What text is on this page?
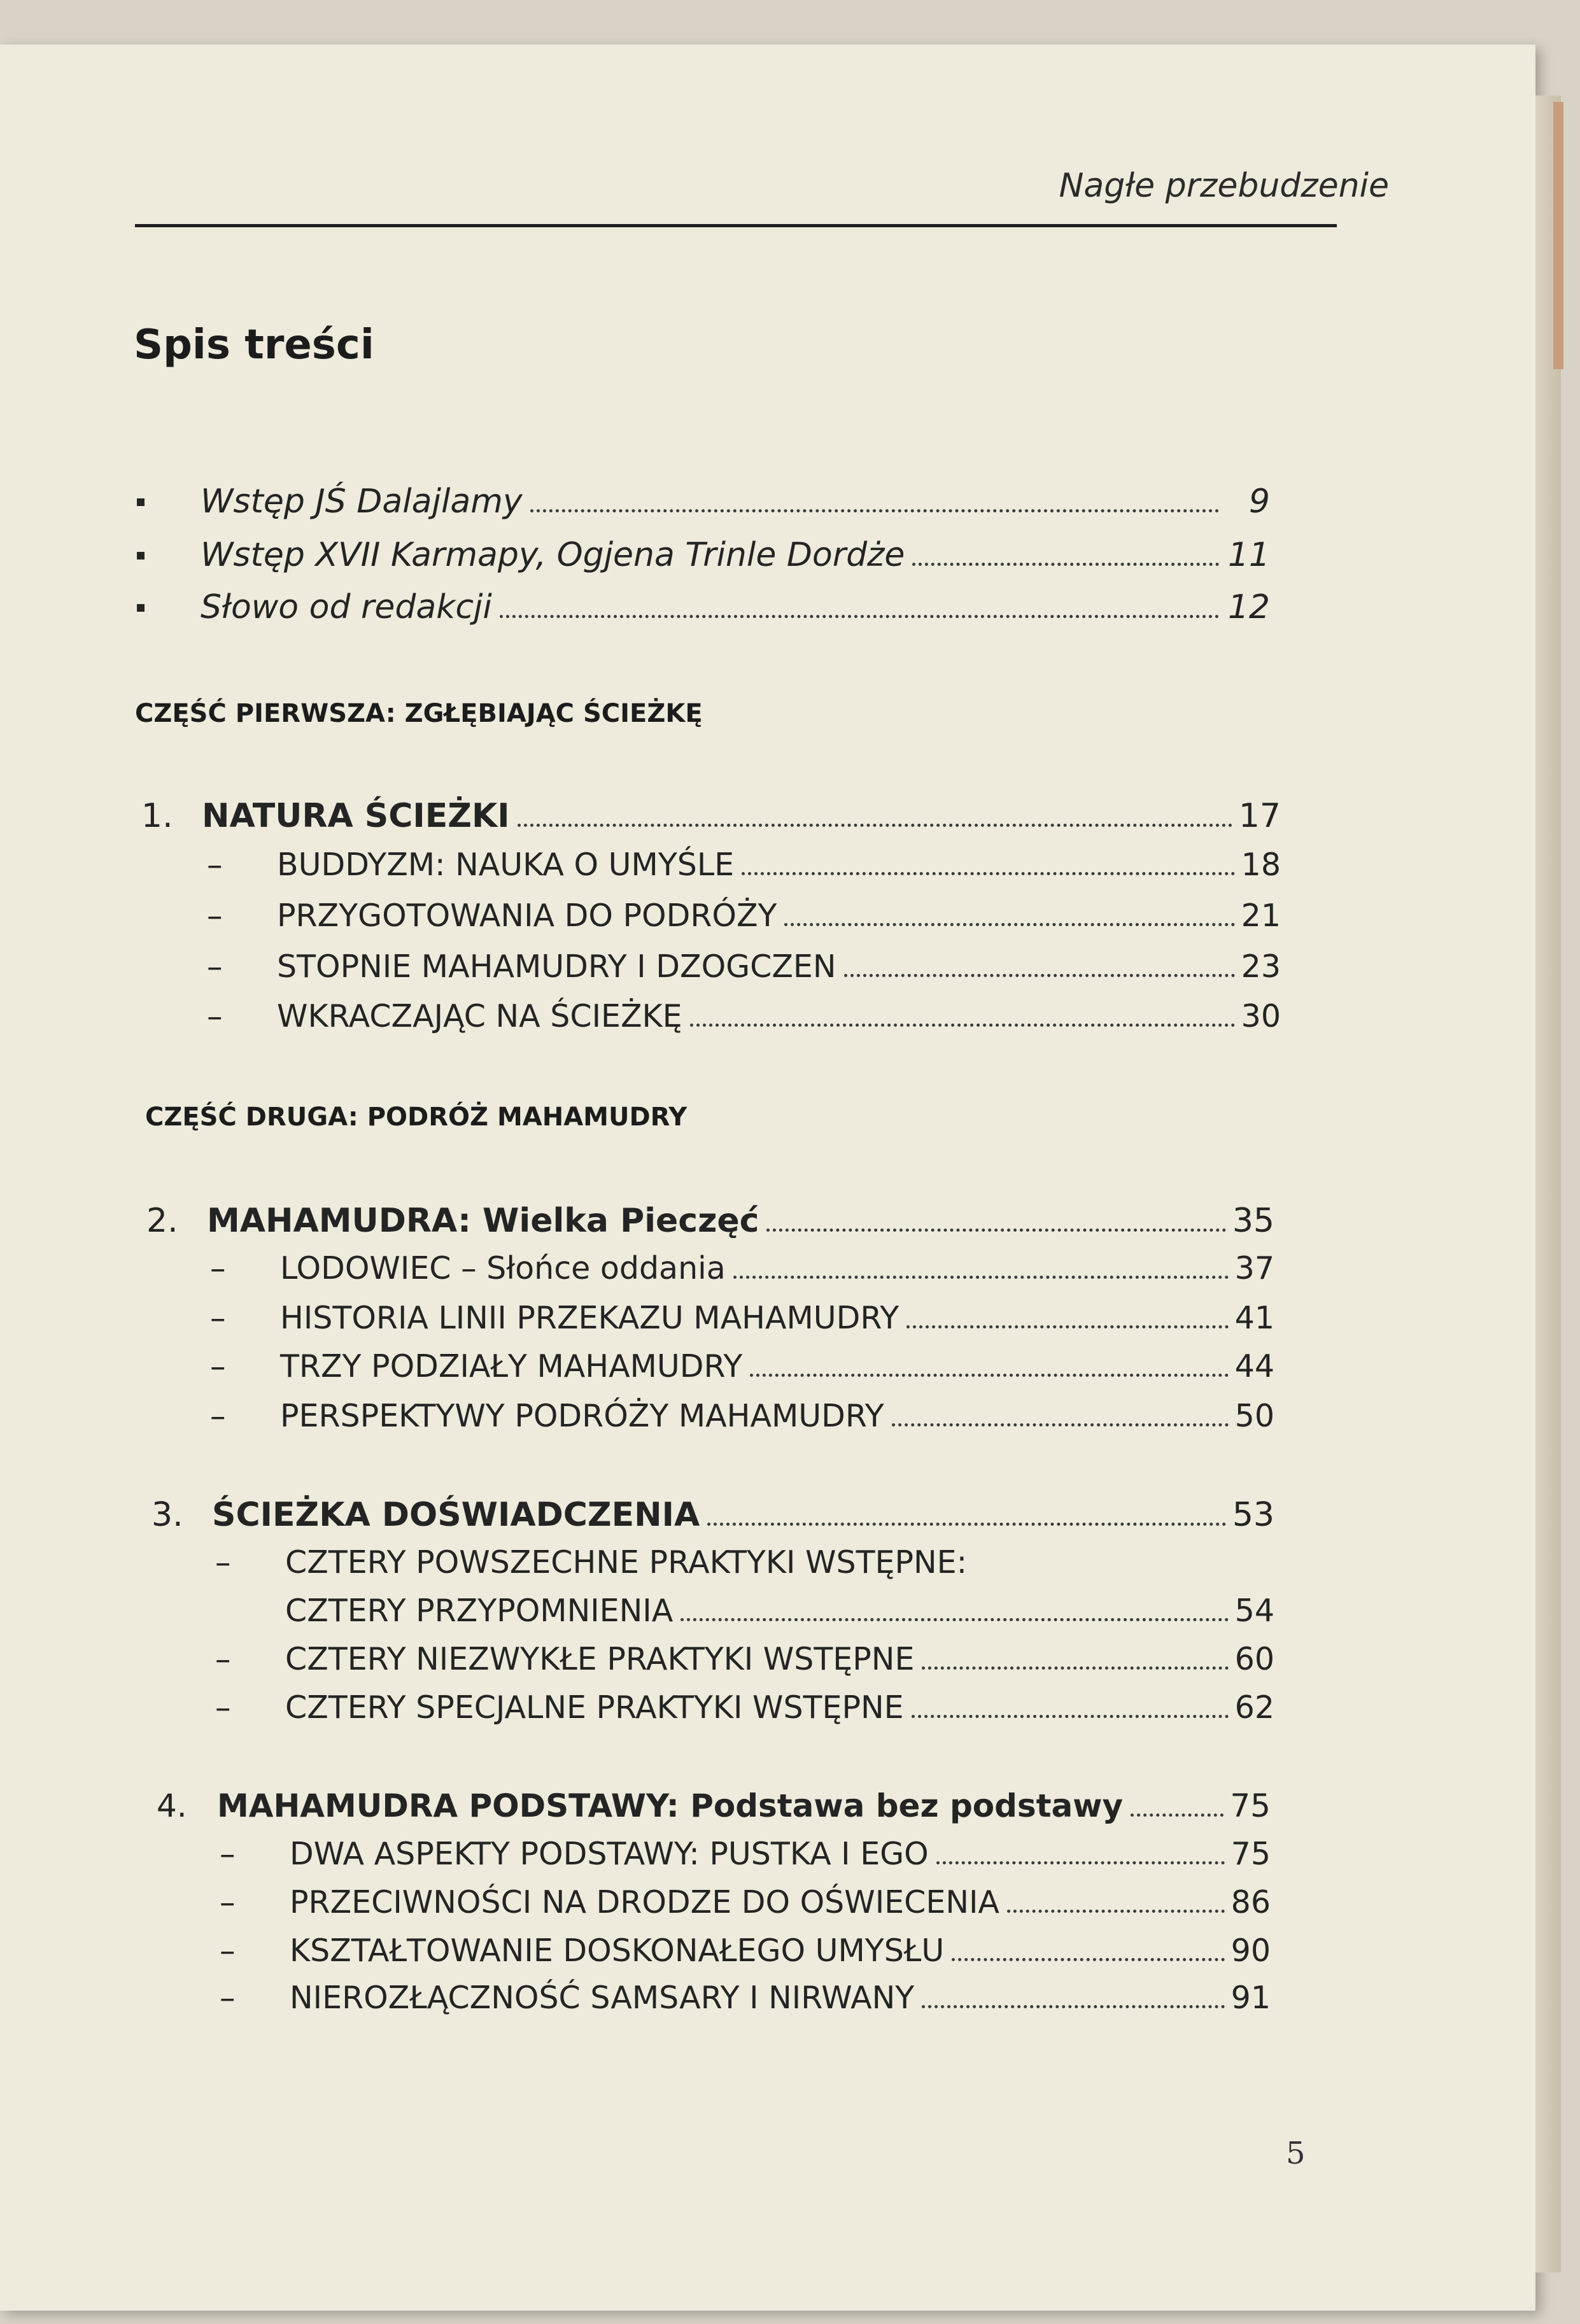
Nagłe przebudzenie
Spis treści
Wstęp JŚ Dalajlamy	9
Wstęp XVII Karmapy, Ogjena Trinle Dordże	11
Słowo od redakcji	12
CZĘŚĆ PIERWSZA: ZGŁĘBIAJĄC ŚCIEŻKĘ
1. NATURA ŚCIEŻKI	17
–	BUDDYZM: NAUKA O UMYŚLE	18
–	PRZYGOTOWANIA DO PODRÓŻY	21
–	STOPNIE MAHAMUDRY I DZOGCZEN	23
–	WKRACZAJĄC NA ŚCIEŻKĘ	30
CZĘŚĆ DRUGA: PODRÓŻ MAHAMUDRY
2. MAHAMUDRA: Wielka Pieczęć	35
–	LODOWIEC – Słońce oddania	37
–	HISTORIA LINII PRZEKAZU MAHAMUDRY	41
–	TRZY PODZIAŁY MAHAMUDRY	44
–	PERSPEKTYWY PODRÓŻY MAHAMUDRY	50
3. ŚCIEŻKA DOŚWIADCZENIA	53
–	CZTERY POWSZECHNE PRAKTYKI WSTĘPNE:
CZTERY PRZYPOMNIENIA	54
–	CZTERY NIEZWYKŁE PRAKTYKI WSTĘPNE	60
–	CZTERY SPECJALNE PRAKTYKI WSTĘPNE	62
4. MAHAMUDRA PODSTAWY: Podstawa bez podstawy	75
–	DWA ASPEKTY PODSTAWY: PUSTKA I EGO	75
–	PRZECIWNOŚCI NA DRODZE DO OŚWIECENIA	86
–	KSZTAŁTOWANIE DOSKONAŁEGO UMYSŁU	90
–	NIEROZŁĄCZNOŚĆ SAMSARY I NIRWANY	91
5
